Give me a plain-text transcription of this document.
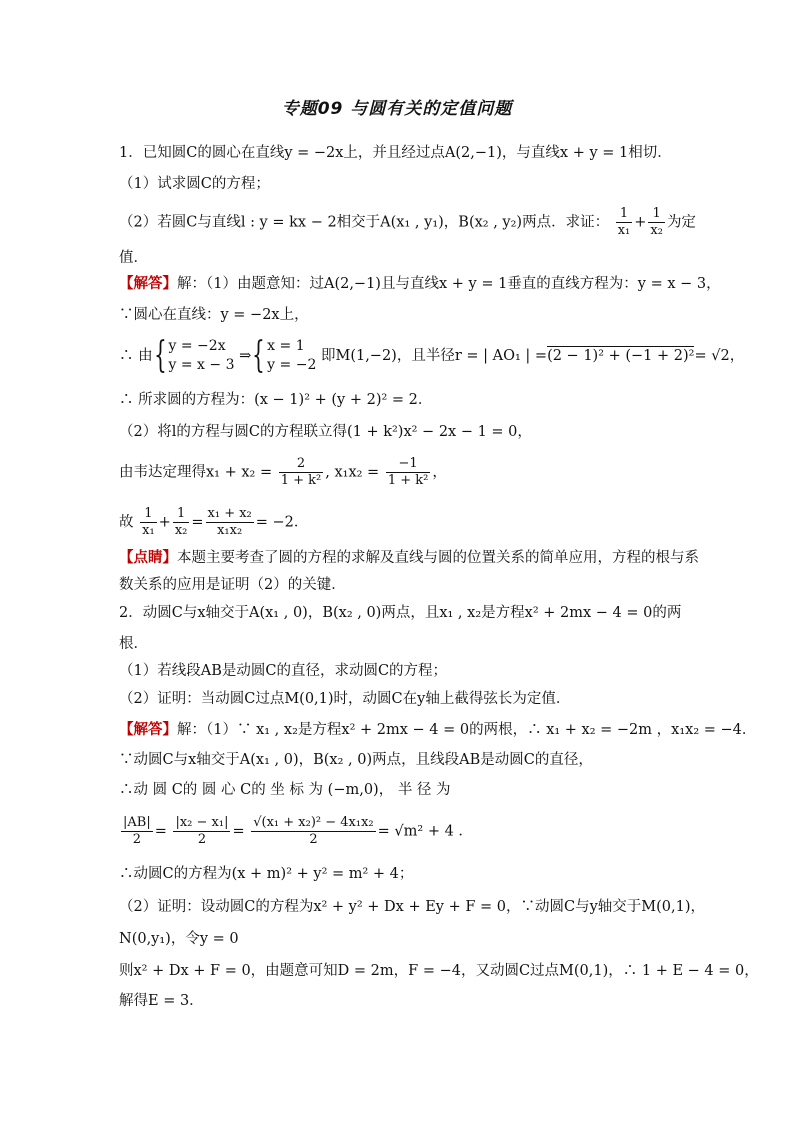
专题09 与圆有关的定值问题
1．已知圆C的圆心在直线y = −2x上，并且经过点A(2,−1)，与直线x + y = 1相切．
（1）试求圆C的方程；
（2）若圆C与直线l : y = kx − 2相交于A(x₁ , y₁)，B(x₂ , y₂)两点．求证： $\frac{1}{\text{x₁}} + \frac{1}{\text{x₂}}$ 为定
值．
【解答】解：（1）由题意知：过A(2,−1)且与直线x + y = 1垂直的直线方程为：y = x − 3，
∵圆心在直线：y = −2x上，
∴ 由{ y = −2x
y = x − 3 ⇒{ x = 1
y = −2 即M(1,−2)，且半径r = | AO₁ | =(2 − 1)² + (−1 + 2)²= √2，
∴ 所求圆的方程为：(x − 1)² + (y + 2)² = 2．
（2）将l的方程与圆C的方程联立得(1 + k²)x² − 2x − 1 = 0，
由韦达定理得$x_1 + x_2 = \frac{2}{\text{1 + k²}}$ , $x_1x_2 = \frac{-1}{\text{1 + k²}}$ ，
故 $\frac{1}{\text{x₁}} + \frac{1}{\text{x₂}} = \frac{\text{x₁ + x₂}}{\text{x₁x₂}} = -2$．
【点睛】本题主要考查了圆的方程的求解及直线与圆的位置关系的简单应用，方程的根与系
数关系的应用是证明（2）的关键．
2．动圆C与x轴交于A(x₁ , 0)，B(x₂ , 0)两点，且x₁ , x₂是方程x² + 2mx − 4 = 0的两
根．
（1）若线段AB是动圆C的直径，求动圆C的方程；
（2）证明：当动圆C过点M(0,1)时，动圆C在y轴上截得弦长为定值．
【解答】解：（1）∵ x₁ , x₂是方程x² + 2mx − 4 = 0的两根，∴ x₁ + x₂ = −2m ，x₁x₂ = −4．
∵动圆C与x轴交于A(x₁ , 0)，B(x₂ , 0)两点，且线段AB是动圆C的直径，
∴动 圆 C的 圆 心 C的 坐 标 为 (−m,0)， 半 径 为
$\frac{|AB|}{2} = \frac{\text{|x₂ − x₁|}}{2} = \frac{\text{√(x₁ + x₂)² − 4x₁x₂}}{2} = √m^2 + 4$ ．
∴动圆C的方程为(x + m)² + y² = m² + 4；
（2）证明：设动圆C的方程为x² + y² + Dx + Ey + F = 0，∵动圆C与y轴交于M(0,1)，
N(0,y₁)，令y = 0
则x² + Dx + F = 0，由题意可知D = 2m，F = −4，又动圆C过点M(0,1)，∴ 1 + E − 4 = 0，
解得E = 3．
